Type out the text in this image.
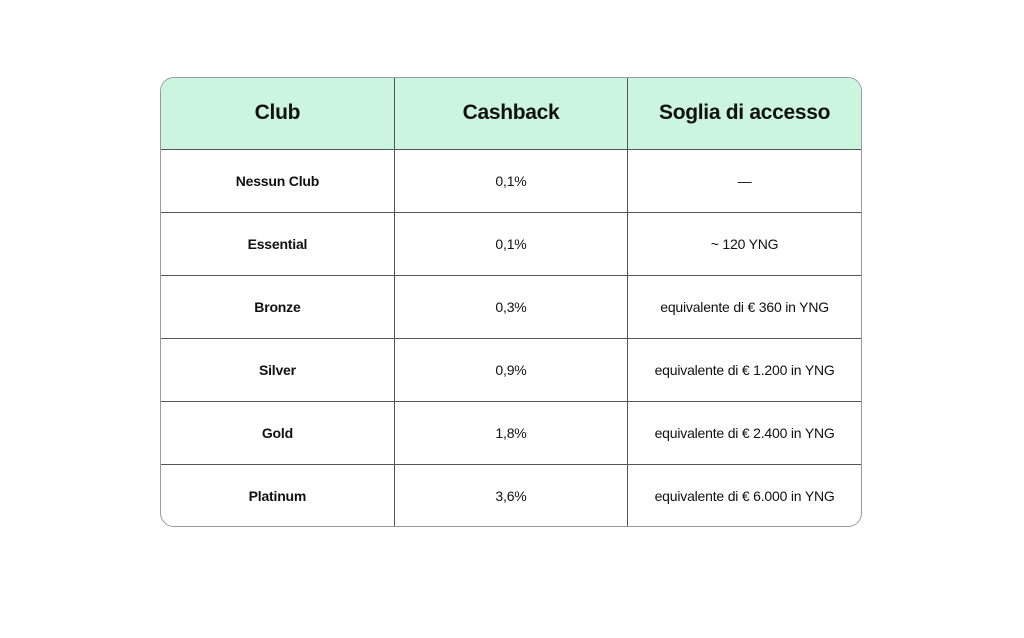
Club	Cashback	Soglia di accesso
Nessun Club	0,1%	—
Essential	0,1%	~ 120 YNG
Bronze	0,3%	equivalente di € 360 in YNG
Silver	0,9%	equivalente di € 1.200 in YNG
Gold	1,8%	equivalente di € 2.400 in YNG
Platinum	3,6%	equivalente di € 6.000 in YNG
